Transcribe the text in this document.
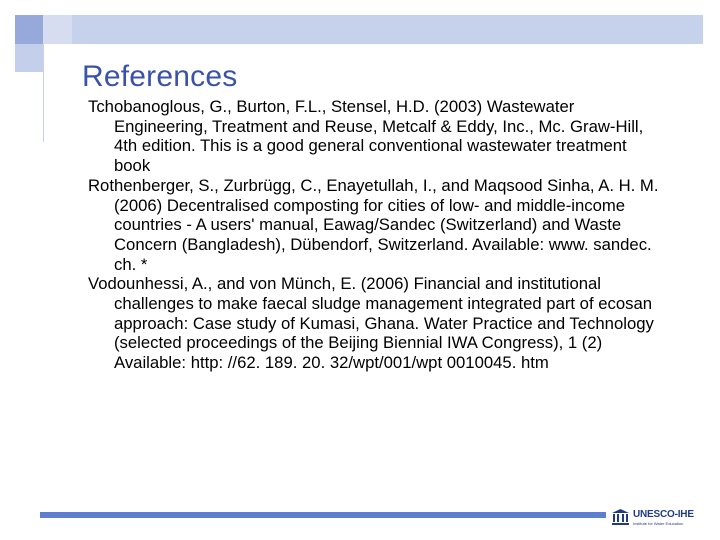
References
Tchobanoglous, G., Burton, F.L., Stensel, H.D. (2003) Wastewater Engineering, Treatment and Reuse, Metcalf & Eddy, Inc., Mc. Graw-Hill, 4th edition. This is a good general conventional wastewater treatment book
Rothenberger, S., Zurbrügg, C., Enayetullah, I., and Maqsood Sinha, A. H. M. (2006) Decentralised composting for cities of low- and middle-income countries - A users' manual, Eawag/Sandec (Switzerland) and Waste Concern (Bangladesh), Dübendorf, Switzerland. Available: www. sandec. ch. *
Vodounhessi, A., and von Münch, E. (2006) Financial and institutional challenges to make faecal sludge management integrated part of ecosan approach: Case study of Kumasi, Ghana. Water Practice and Technology (selected proceedings of the Beijing Biennial IWA Congress), 1 (2) Available: http: //62. 189. 20. 32/wpt/001/wpt 0010045. htm
UNESCO-IHE
Institute for Water Education
